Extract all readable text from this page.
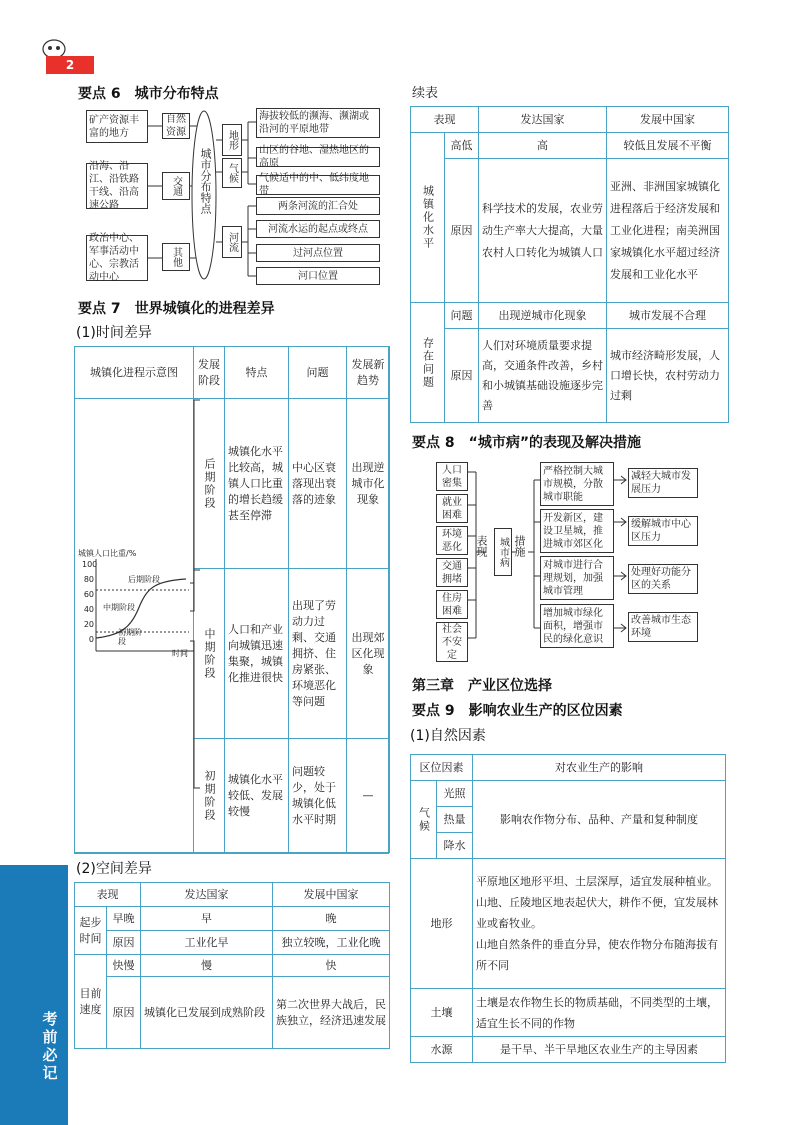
2
考前必记
要点 6　城市分布特点
矿产资源丰富的地方
沿海、沿江、沿铁路干线、沿高速公路
政治中心、军事活动中心、宗教活动中心
自然资源
交通
其他
城市分布特点
地形
气候
河流
海拔较低的濒海、濒湖或沿河的平原地带
山区的谷地、湿热地区的高原
气候适中的中、低纬度地带
两条河流的汇合处
河流水运的起点或终点
过河点位置
河口位置
要点 7　世界城镇化的进程差异
(1)时间差异
城镇化进程示意图	发展阶段	特点	问题	发展新趋势
	后期阶段	城镇化水平比较高，城镇人口比重的增长趋缓甚至停滞	中心区衰落现出衰落的迹象	出现逆城市化现象
	中期阶段	人口和产业向城镇迅速集聚，城镇化推进很快	出现了劳动力过剩、交通拥挤、住房紧张、环境恶化等问题	出现郊区化现象
	初期阶段	城镇化水平较低、发展较慢	问题较少，处于城镇化低水平时期	—
城镇人口比重/%
100
80
60
40
20
0
后期阶段
中期阶段
初期阶段
时间
(2)空间差异
表现		发达国家	发展中国家
起步时间	早晚	早	晚
	原因	工业化早	独立较晚，工业化晚
目前速度	快慢	慢	快
	原因	城镇化已发展到成熟阶段	第二次世界大战后，民族独立，经济迅速发展
续表
表现		发达国家	发展中国家
城镇化水平	高低	高	较低且发展不平衡
	原因	科学技术的发展，农业劳动生产率大大提高，大量农村人口转化为城镇人口	亚洲、非洲国家城镇化进程落后于经济发展和工业化进程；南美洲国家城镇化水平超过经济发展和工业化水平
存在问题	问题	出现逆城市化现象	城市发展不合理
	原因	人们对环境质量要求提高，交通条件改善，乡村和小城镇基础设施逐步完善	城市经济畸形发展，人口增长快，农村劳动力过剩
要点 8　“城市病”的表现及解决措施
人口密集
就业困难
环境恶化
交通拥堵
住房困难
社会不安定
表现 城市病 措施
严格控制大城市规模，分散城市职能
开发新区，建设卫星城，推进城市郊区化
对城市进行合理规划，加强城市管理
增加城市绿化面积，增强市民的绿化意识
减轻大城市发展压力
缓解城市中心区压力
处理好功能分区的关系
改善城市生态环境
第三章　产业区位选择
要点 9　影响农业生产的区位因素
(1)自然因素
区位因素		对农业生产的影响
气候	光照	影响农作物分布、品种、产量和复种制度
	热量	
	降水	
地形		平原地区地形平坦、土层深厚，适宜发展种植业。
山地、丘陵地区地表起伏大，耕作不便，宜发展林业或畜牧业。
山地自然条件的垂直分异，使农作物分布随海拔有所不同

土壤		土壤是农作物生长的物质基础，不同类型的土壤，适宜生长不同的作物
水源		是干旱、半干旱地区农业生产的主导因素
